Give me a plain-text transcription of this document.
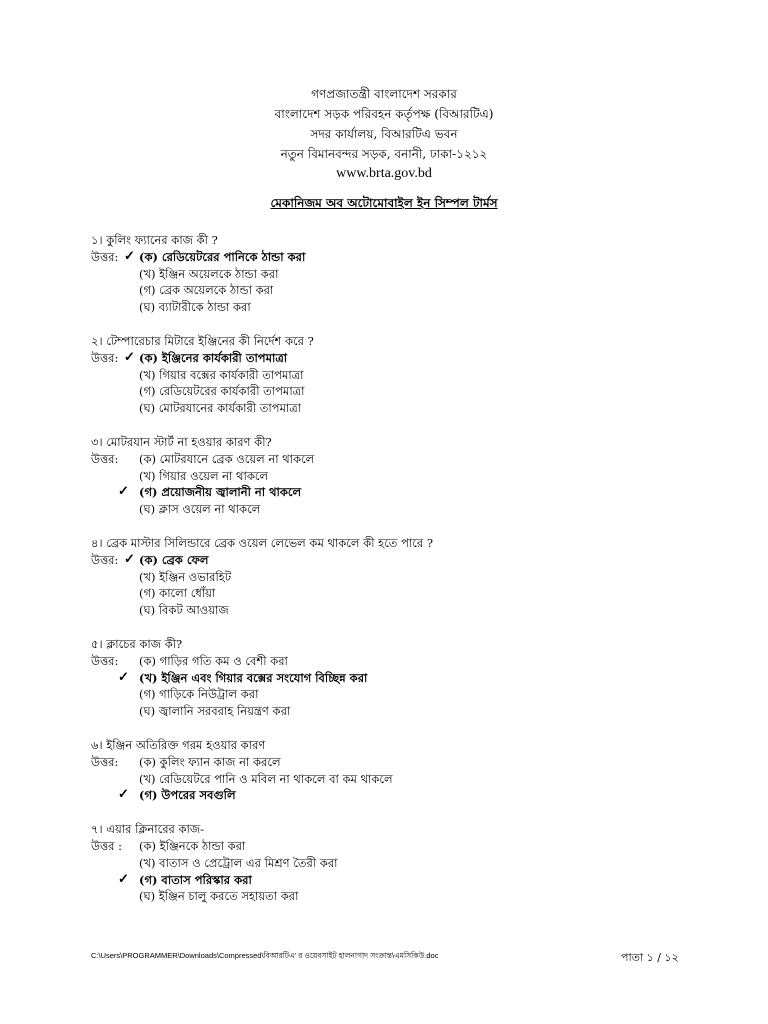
গণপ্রজাতন্ত্রী বাংলাদেশ সরকার
বাংলাদেশ সড়ক পরিবহন কর্তৃপক্ষ (বিআরটিএ)
সদর কার্যালয়, বিআরটিএ ভবন
নতুন বিমানবন্দর সড়ক, বনানী, ঢাকা-১২১২
www.brta.gov.bd
মেকানিজম অব অটোমোবাইল ইন সিম্পল টার্মস
১। কুলিং ফ্যানের কাজ কী ?
উত্তর: ✓ (ক) রেডিয়েটরের পানিকে ঠান্ডা করা
(খ) ইঞ্জিন অয়েলকে ঠান্ডা করা
(গ) ব্রেক অয়েলকে ঠান্ডা করা
(ঘ) ব্যাটারীকে ঠান্ডা করা
২। টেম্পারেচার মিটারে ইঞ্জিনের কী নির্দেশ করে ?
উত্তর: ✓ (ক) ইঞ্জিনের কার্যকারী তাপমাত্রা
(খ) গিয়ার বক্সের কার্যকারী তাপমাত্রা
(গ) রেডিয়েটরের কার্যকারী তাপমাত্রা
(ঘ) মোটরযানের কার্যকারী তাপমাত্রা
৩। মোটরযান স্টার্ট না হওয়ার কারণ কী?
উত্তর: (ক) মোটরযানে ব্রেক ওয়েল না থাকলে
(খ) গিয়ার ওয়েল না থাকলে
✓ (গ) প্রয়োজনীয় জ্বালানী না থাকলে
(ঘ) ক্লাস ওয়েল না থাকলে
৪। ব্রেক মাস্টার সিলিন্ডারে ব্রেক ওয়েল লেভেল কম থাকলে কী হতে পারে ?
উত্তর: ✓ (ক) ব্রেক ফেল
(খ) ইঞ্জিন ওভারহিট
(গ) কালো ধোঁয়া
(ঘ) বিকট আওয়াজ
৫। ক্লাচের কাজ কী?
উত্তর: (ক) গাড়ির গতি কম ও বেশী করা
✓ (খ) ইঞ্জিন এবং গিয়ার বক্সের সংযোগ বিচ্ছিন্ন করা
(গ) গাড়িকে নিউট্রাল করা
(ঘ) জ্বালানি সরবরাহ নিয়ন্ত্রণ করা
৬। ইঞ্জিন অতিরিক্ত গরম হওয়ার কারণ
উত্তর: (ক) কুলিং ফ্যান কাজ না করলে
(খ) রেডিয়েটরে পানি ও মবিল না থাকলে বা কম থাকলে
✓ (গ) উপরের সবগুলি
৭। এয়ার ক্লিনারের কাজ-
উত্তর : (ক) ইঞ্জিনকে ঠান্ডা করা
(খ) বাতাস ও প্রেট্রোল এর মিশ্রণ তৈরী করা
✓ (গ) বাতাস পরিস্কার করা
(ঘ) ইঞ্জিন চালু করতে সহায়তা করা
C:\Users\PROGRAMMER\Downloads\Compressed\বিআরটিএ' র ওয়েবসাইট হালনাগাদ সংক্রান্ত\এমসিকিউ.doc	পাতা ১ / ১২
